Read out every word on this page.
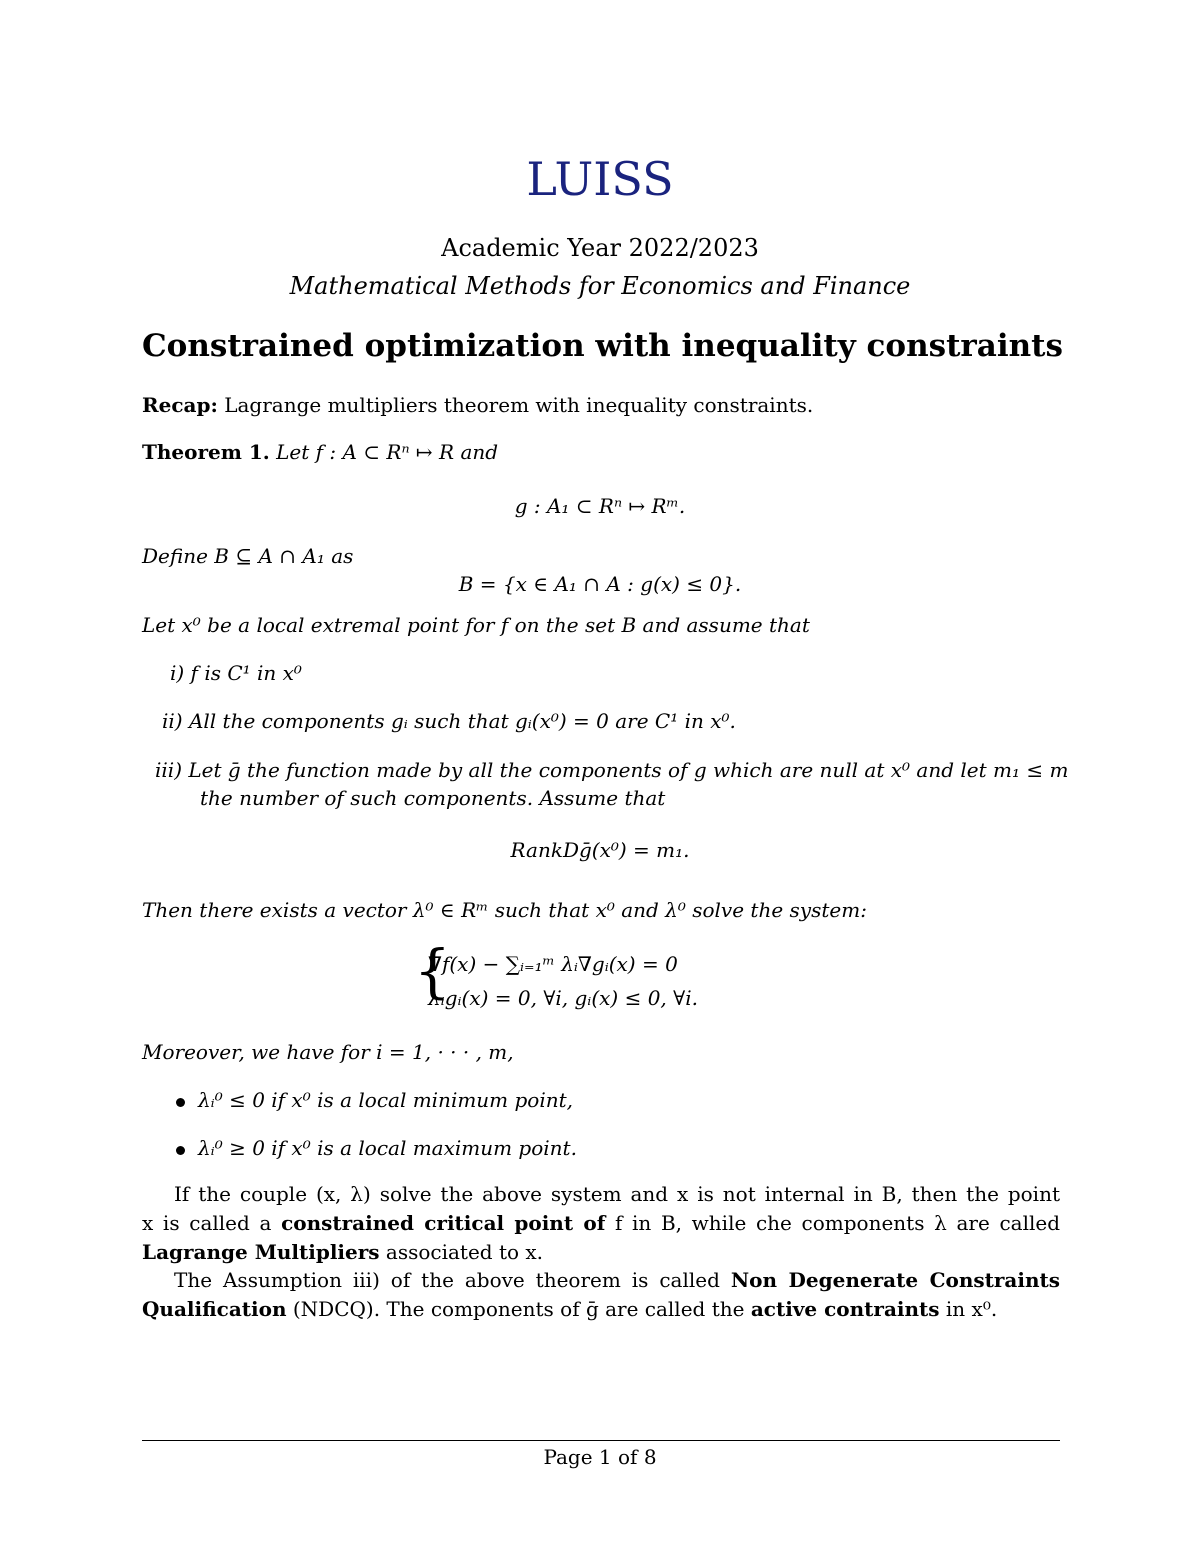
LUISS
Academic Year 2022/2023
Mathematical Methods for Economics and Finance
Constrained optimization with inequality constraints
Recap: Lagrange multipliers theorem with inequality constraints.
Theorem 1. Let f : A ⊂ Rⁿ ↦ R and
g : A₁ ⊂ Rⁿ ↦ Rᵐ.
Define B ⊆ A ∩ A₁ as
B = {x ∈ A₁ ∩ A : g(x) ≤ 0}.
Let x⁰ be a local extremal point for f on the set B and assume that
i) f is C¹ in x⁰
ii) All the components gᵢ such that gᵢ(x⁰) = 0 are C¹ in x⁰.
iii) Let ḡ the function made by all the components of g which are null at x⁰ and let m₁ ≤ m
the number of such components. Assume that
RankDḡ(x⁰) = m₁.
Then there exists a vector λ⁰ ∈ Rᵐ such that x⁰ and λ⁰ solve the system:
{
∇f(x) − ∑ᵢ₌₁ᵐ λᵢ∇gᵢ(x) = 0
λᵢgᵢ(x) = 0, ∀i, gᵢ(x) ≤ 0, ∀i.
Moreover, we have for i = 1, · · · , m,
λᵢ⁰ ≤ 0 if x⁰ is a local minimum point,
λᵢ⁰ ≥ 0 if x⁰ is a local maximum point.
If the couple (x, λ) solve the above system and x is not internal in B, then the point
x is called a constrained critical point of f in B, while che components λ are called
Lagrange Multipliers associated to x.
The Assumption iii) of the above theorem is called Non Degenerate Constraints
Qualification (NDCQ). The components of ḡ are called the active contraints in x⁰.
Page 1 of 8
